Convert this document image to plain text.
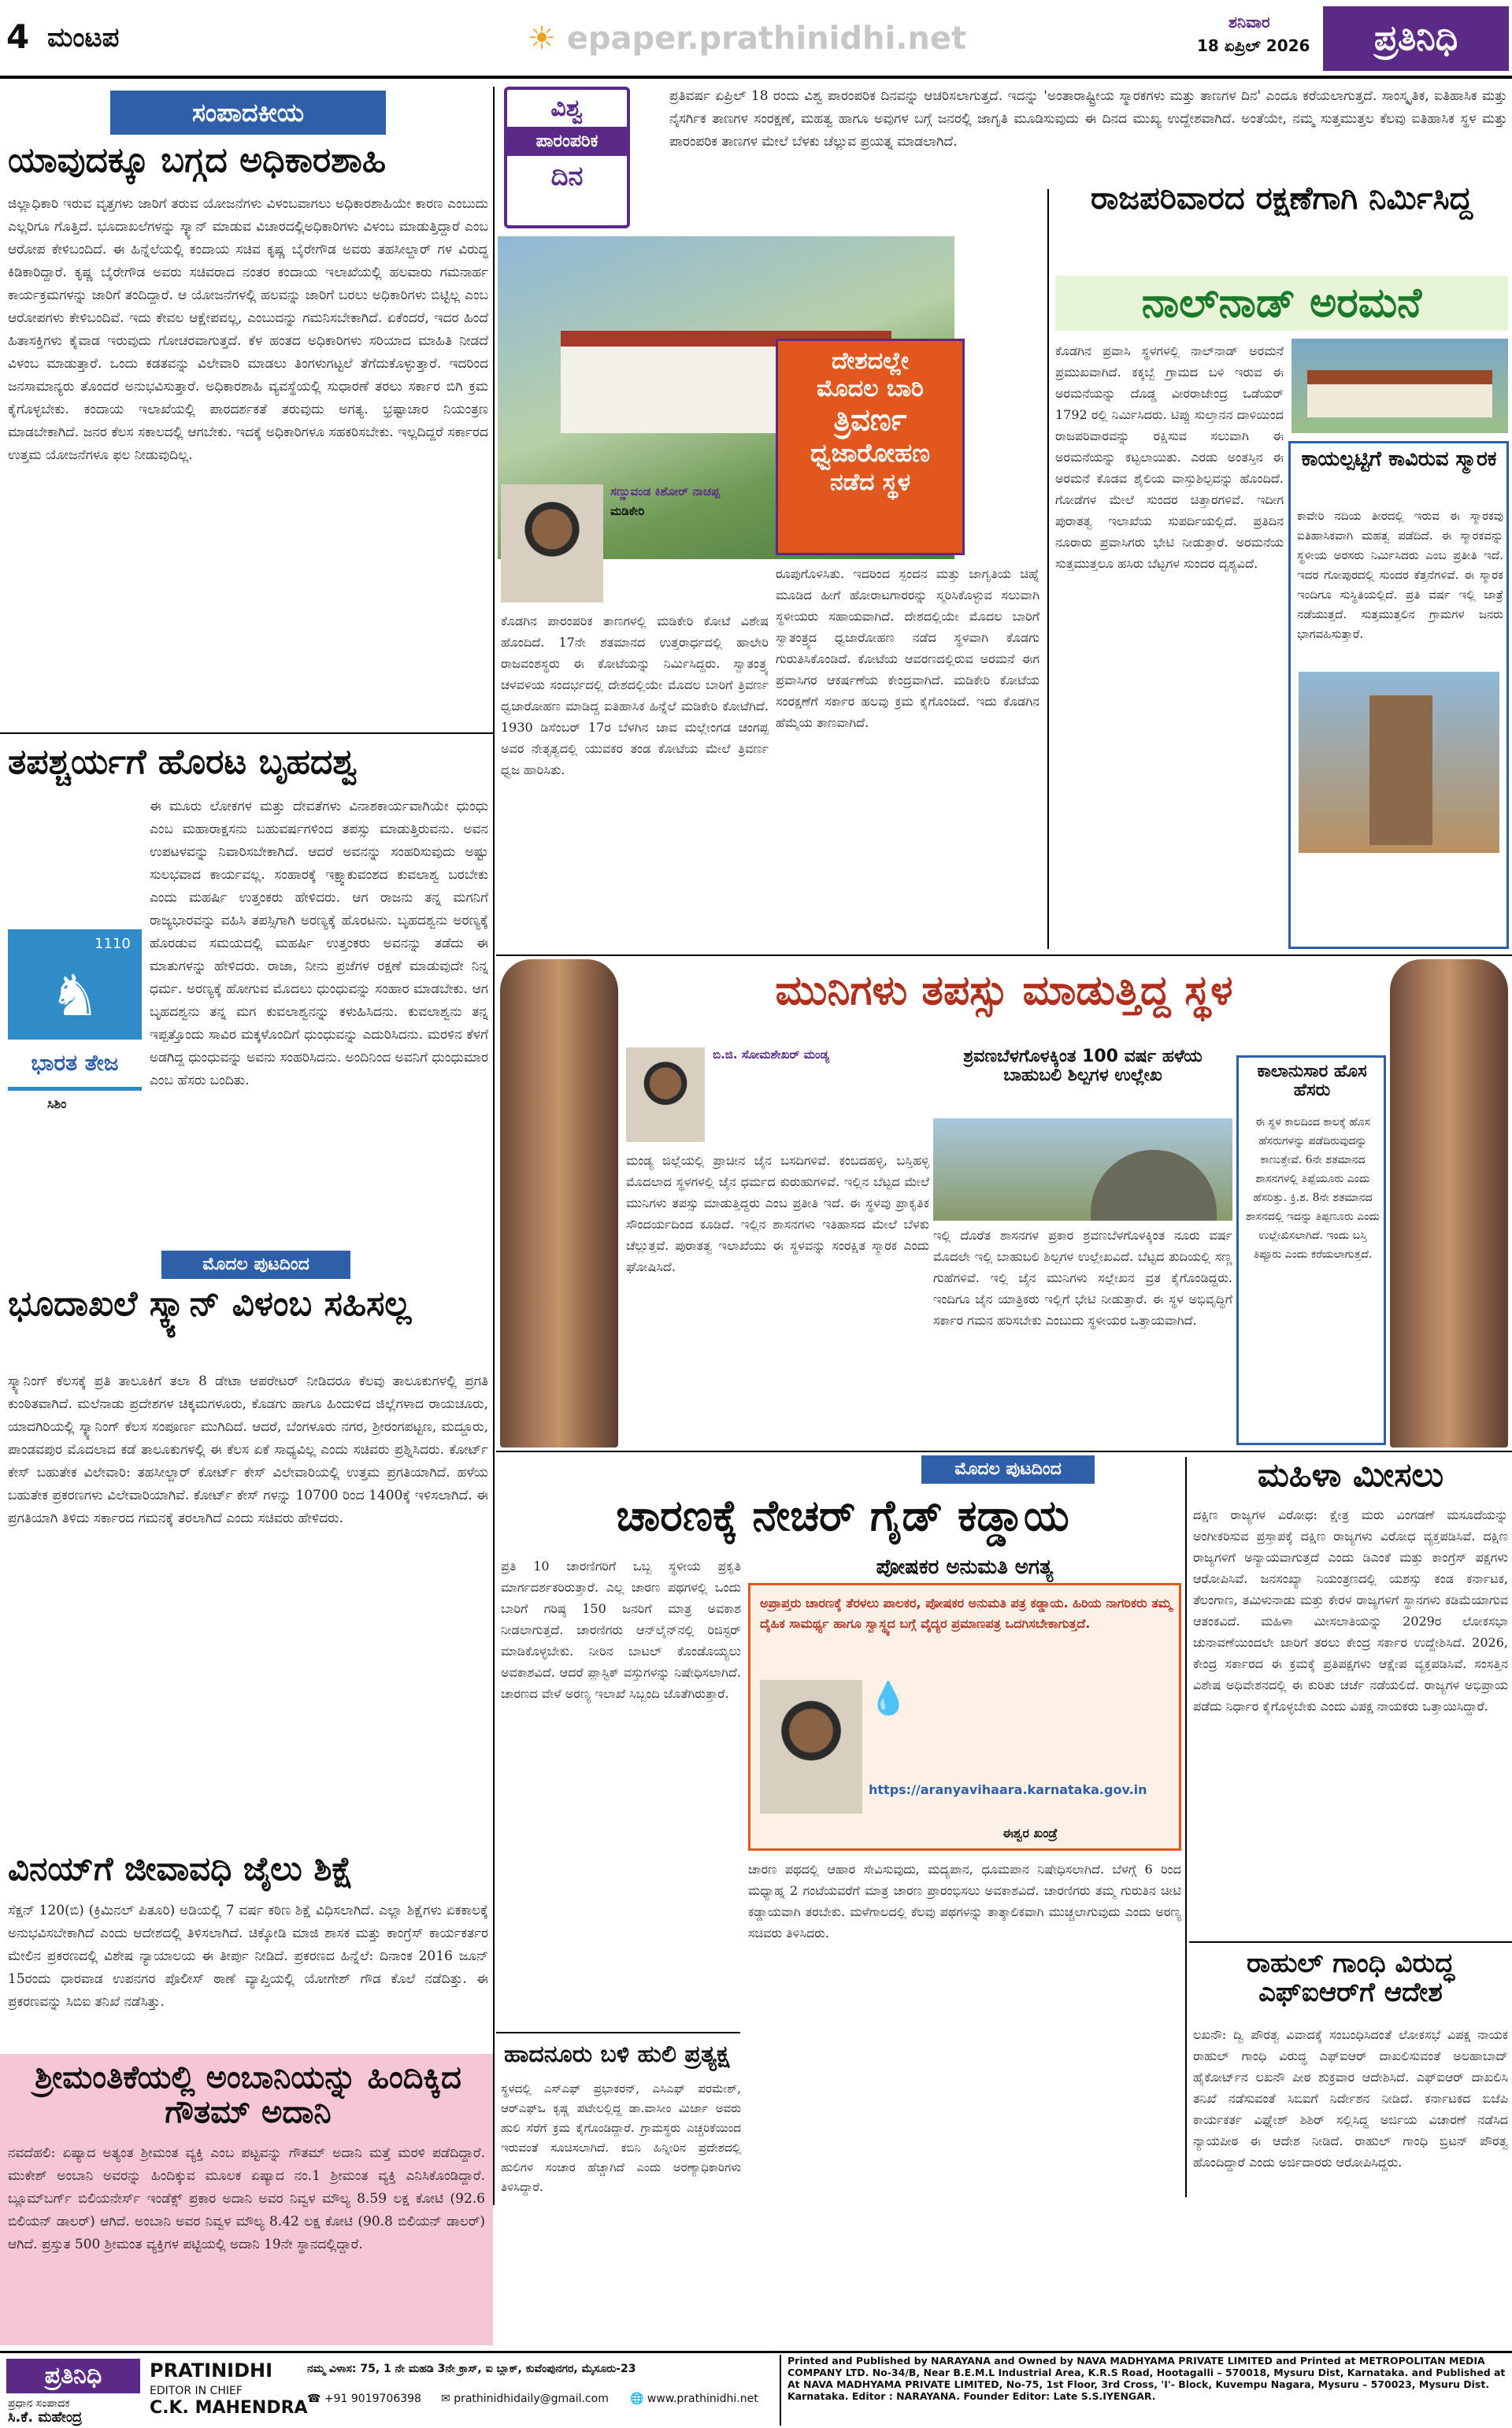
4 ಮಂಟಪ	☀ epaper.prathinidhi.net	ಶನಿವಾರ
18 ಏಪ್ರಿಲ್ 2026	ಪ್ರತಿನಿಧಿ
ಸಂಪಾದಕೀಯ
ಯಾವುದಕ್ಕೂ ಬಗ್ಗದ ಅಧಿಕಾರಶಾಹಿ
ಜಿಲ್ಲಾಧಿಕಾರಿ ಇರುವ ವೃತ್ತಗಳು ಜಾರಿಗೆ ತರುವ ಯೋಜನೆಗಳು ವಿಳಂಬವಾಗಲು ಅಧಿಕಾರಶಾಹಿಯೇ ಕಾರಣ ಎಂಬುದು ಎಲ್ಲರಿಗೂ ಗೊತ್ತಿದೆ. ಭೂದಾಖಲೆಗಳನ್ನು ಸ್ಕ್ಯಾನ್ ಮಾಡುವ ವಿಚಾರದಲ್ಲಿಅಧಿಕಾರಿಗಳು ವಿಳಂಬ ಮಾಡುತ್ತಿದ್ದಾರೆ ಎಂಬ ಆರೋಪ ಕೇಳಿಬಂದಿದೆ. ಈ ಹಿನ್ನೆಲೆಯಲ್ಲಿ ಕಂದಾಯ ಸಚಿವ ಕೃಷ್ಣ ಬೈರೇಗೌಡ ಅವರು ತಹಸೀಲ್ದಾರ್ ಗಳ ವಿರುದ್ಧ ಕಿಡಿಕಾರಿದ್ದಾರೆ. ಕೃಷ್ಣ ಬೈರೇಗೌಡ ಅವರು ಸಚಿವರಾದ ನಂತರ ಕಂದಾಯ ಇಲಾಖೆಯಲ್ಲಿ ಹಲವಾರು ಗಮನಾರ್ಹ ಕಾರ್ಯಕ್ರಮಗಳನ್ನು ಜಾರಿಗೆ ತಂದಿದ್ದಾರೆ. ಆ ಯೋಜನೆಗಳಲ್ಲಿ ಹಲವನ್ನು ಜಾರಿಗೆ ಬರಲು ಅಧಿಕಾರಿಗಳು ಬಿಟ್ಟಿಲ್ಲ ಎಂಬ ಆರೋಪಗಳು ಕೇಳಿಬಂದಿವೆ. ಇದು ಕೇವಲ ಆಕ್ಷೇಪವಲ್ಲ, ಎಂಬುದನ್ನು ಗಮನಿಸಬೇಕಾಗಿದೆ. ಏಕೆಂದರೆ, ಇದರ ಹಿಂದೆ ಹಿತಾಸಕ್ತಿಗಳು ಕೈವಾಡ ಇರುವುದು ಗೋಚರವಾಗುತ್ತದೆ. ಕೆಳ ಹಂತದ ಅಧಿಕಾರಿಗಳು ಸರಿಯಾದ ಮಾಹಿತಿ ನೀಡದೆ ವಿಳಂಬ ಮಾಡುತ್ತಾರೆ. ಒಂದು ಕಡತವನ್ನು ವಿಲೇವಾರಿ ಮಾಡಲು ತಿಂಗಳುಗಟ್ಟಲೆ ತೆಗೆದುಕೊಳ್ಳುತ್ತಾರೆ. ಇದರಿಂದ ಜನಸಾಮಾನ್ಯರು ತೊಂದರೆ ಅನುಭವಿಸುತ್ತಾರೆ. ಅಧಿಕಾರಶಾಹಿ ವ್ಯವಸ್ಥೆಯಲ್ಲಿ ಸುಧಾರಣೆ ತರಲು ಸರ್ಕಾರ ಬಿಗಿ ಕ್ರಮ ಕೈಗೊಳ್ಳಬೇಕು. ಕಂದಾಯ ಇಲಾಖೆಯಲ್ಲಿ ಪಾರದರ್ಶಕತೆ ತರುವುದು ಅಗತ್ಯ. ಭ್ರಷ್ಟಾಚಾರ ನಿಯಂತ್ರಣ ಮಾಡಬೇಕಾಗಿದೆ. ಜನರ ಕೆಲಸ ಸಕಾಲದಲ್ಲಿ ಆಗಬೇಕು. ಇದಕ್ಕೆ ಅಧಿಕಾರಿಗಳೂ ಸಹಕರಿಸಬೇಕು. ಇಲ್ಲದಿದ್ದರೆ ಸರ್ಕಾರದ ಉತ್ತಮ ಯೋಜನೆಗಳೂ ಫಲ ನೀಡುವುದಿಲ್ಲ.
ತಪಶ್ಚರ್ಯಗೆ ಹೊರಟ ಬೃಹದಶ್ವ
1110
♞
ಭಾರತ ತೇಜ
ಸಿಶಿಂ
ಈ ಮೂರು ಲೋಕಗಳ ಮತ್ತು ದೇವತೆಗಳು ವಿನಾಶಕಾರ್ಯವಾಗಿಯೇ ಧುಂಧು ಎಂಬ ಮಹಾರಾಕ್ಷಸನು ಬಹುವರ್ಷಗಳಿಂದ ತಪಸ್ಸು ಮಾಡುತ್ತಿರುವನು. ಅವನ ಉಪಟಳವನ್ನು ನಿವಾರಿಸಬೇಕಾಗಿದೆ. ಆದರೆ ಅವನನ್ನು ಸಂಹರಿಸುವುದು ಅಷ್ಟು ಸುಲಭವಾದ ಕಾರ್ಯವಲ್ಲ. ಸಂಹಾರಕ್ಕೆ ಇಕ್ಷ್ವಾಕುವಂಶದ ಕುವಲಾಶ್ವ ಬರಬೇಕು ಎಂದು ಮಹರ್ಷಿ ಉತ್ತಂಕರು ಹೇಳಿದರು. ಆಗ ರಾಜನು ತನ್ನ ಮಗನಿಗೆ ರಾಜ್ಯಭಾರವನ್ನು ವಹಿಸಿ ತಪಸ್ಸಿಗಾಗಿ ಅರಣ್ಯಕ್ಕೆ ಹೊರಟನು. ಬೃಹದಶ್ವನು ಅರಣ್ಯಕ್ಕೆ ಹೊರಡುವ ಸಮಯದಲ್ಲಿ ಮಹರ್ಷಿ ಉತ್ತಂಕರು ಅವನನ್ನು ತಡೆದು ಈ ಮಾತುಗಳನ್ನು ಹೇಳಿದರು. ರಾಜಾ, ನೀನು ಪ್ರಜೆಗಳ ರಕ್ಷಣೆ ಮಾಡುವುದೇ ನಿನ್ನ ಧರ್ಮ. ಅರಣ್ಯಕ್ಕೆ ಹೋಗುವ ಮೊದಲು ಧುಂಧುವನ್ನು ಸಂಹಾರ ಮಾಡಬೇಕು. ಆಗ ಬೃಹದಶ್ವನು ತನ್ನ ಮಗ ಕುವಲಾಶ್ವನನ್ನು ಕಳುಹಿಸಿದನು. ಕುವಲಾಶ್ವನು ತನ್ನ ಇಪ್ಪತ್ತೊಂದು ಸಾವಿರ ಮಕ್ಕಳೊಂದಿಗೆ ಧುಂಧುವನ್ನು ಎದುರಿಸಿದನು. ಮರಳಿನ ಕೆಳಗೆ ಅಡಗಿದ್ದ ಧುಂಧುವನ್ನು ಅವನು ಸಂಹರಿಸಿದನು. ಅಂದಿನಿಂದ ಅವನಿಗೆ ಧುಂಧುಮಾರ ಎಂಬ ಹೆಸರು ಬಂದಿತು.
ಮೊದಲ ಪುಟದಿಂದ
ಭೂದಾಖಲೆ ಸ್ಕ್ಯಾನ್ ವಿಳಂಬ ಸಹಿಸಲ್ಲ
ಸ್ಕ್ಯಾನಿಂಗ್ ಕೆಲಸಕ್ಕೆ ಪ್ರತಿ ತಾಲೂಕಿಗೆ ತಲಾ 8 ಡೇಟಾ ಆಪರೇಟರ್ ನೀಡಿದರೂ ಕೆಲವು ತಾಲೂಕುಗಳಲ್ಲಿ ಪ್ರಗತಿ ಕುಂಠಿತವಾಗಿದೆ. ಮಲೆನಾಡು ಪ್ರದೇಶಗಳ ಚಿಕ್ಕಮಗಳೂರು, ಕೊಡಗು ಹಾಗೂ ಹಿಂದುಳಿದ ಜಿಲ್ಲೆಗಳಾದ ರಾಯಚೂರು, ಯಾದಗಿರಿಯಲ್ಲಿ ಸ್ಕ್ಯಾನಿಂಗ್ ಕೆಲಸ ಸಂಪೂರ್ಣ ಮುಗಿದಿದೆ. ಆದರೆ, ಬೆಂಗಳೂರು ನಗರ, ಶ್ರೀರಂಗಪಟ್ಟಣ, ಮದ್ದೂರು, ಪಾಂಡವಪುರ ಮೊದಲಾದ ಕಡೆ ತಾಲೂಕುಗಳಲ್ಲಿ ಈ ಕೆಲಸ ಏಕೆ ಸಾಧ್ಯವಿಲ್ಲ ಎಂದು ಸಚಿವರು ಪ್ರಶ್ನಿಸಿದರು. ಕೋರ್ಟ್ ಕೇಸ್ ಬಹುತೇಕ ವಿಲೇವಾರಿ: ತಹಸೀಲ್ದಾರ್ ಕೋರ್ಟ್ ಕೇಸ್ ವಿಲೇವಾರಿಯಲ್ಲಿ ಉತ್ತಮ ಪ್ರಗತಿಯಾಗಿದೆ. ಹಳೆಯ ಬಹುತೇಕ ಪ್ರಕರಣಗಳು ವಿಲೇವಾರಿಯಾಗಿವೆ. ಕೋರ್ಟ್ ಕೇಸ್ ಗಳನ್ನು 10700 ರಿಂದ 1400ಕ್ಕೆ ಇಳಿಸಲಾಗಿದೆ. ಈ ಪ್ರಗತಿಯಾಗಿ ತಿಳಿದು ಸರ್ಕಾರದ ಗಮನಕ್ಕೆ ತರಲಾಗಿದೆ ಎಂದು ಸಚಿವರು ಹೇಳಿದರು.
ವಿನಯ್‌ಗೆ ಜೀವಾವಧಿ ಜೈಲು ಶಿಕ್ಷೆ
ಸೆಕ್ಷನ್ 120(ಬಿ) (ಕ್ರಿಮಿನಲ್ ಪಿತೂರಿ) ಅಡಿಯಲ್ಲಿ 7 ವರ್ಷ ಕಠಿಣ ಶಿಕ್ಷೆ ವಿಧಿಸಲಾಗಿದೆ. ಎಲ್ಲಾ ಶಿಕ್ಷೆಗಳು ಏಕಕಾಲಕ್ಕೆ ಅನುಭವಿಸಬೇಕಾಗಿದೆ ಎಂದು ಆದೇಶದಲ್ಲಿ ತಿಳಿಸಲಾಗಿದೆ. ಚಿಕ್ಕೋಡಿ ಮಾಜಿ ಶಾಸಕ ಮತ್ತು ಕಾಂಗ್ರೆಸ್ ಕಾರ್ಯಕರ್ತರ ಮೇಲಿನ ಪ್ರಕರಣದಲ್ಲಿ ವಿಶೇಷ ನ್ಯಾಯಾಲಯ ಈ ತೀರ್ಪು ನೀಡಿದೆ. ಪ್ರಕರಣದ ಹಿನ್ನೆಲೆ: ದಿನಾಂಕ 2016 ಜೂನ್ 15ರಂದು ಧಾರವಾಡ ಉಪನಗರ ಪೊಲೀಸ್ ಠಾಣೆ ವ್ಯಾಪ್ತಿಯಲ್ಲಿ ಯೋಗೇಶ್ ಗೌಡ ಕೊಲೆ ನಡೆದಿತ್ತು. ಈ ಪ್ರಕರಣವನ್ನು ಸಿಬಿಐ ತನಿಖೆ ನಡೆಸಿತ್ತು.
ಶ್ರೀಮಂತಿಕೆಯಲ್ಲಿ ಅಂಬಾನಿಯನ್ನು ಹಿಂದಿಕ್ಕಿದ ಗೌತಮ್ ಅದಾನಿ
ನವದೆಹಲಿ: ಏಷ್ಯಾದ ಅತ್ಯಂತ ಶ್ರೀಮಂತ ವ್ಯಕ್ತಿ ಎಂಬ ಪಟ್ಟವನ್ನು ಗೌತಮ್ ಅದಾನಿ ಮತ್ತೆ ಮರಳಿ ಪಡೆದಿದ್ದಾರೆ. ಮುಕೇಶ್ ಅಂಬಾನಿ ಅವರನ್ನು ಹಿಂದಿಕ್ಕುವ ಮೂಲಕ ಏಷ್ಯಾದ ನಂ.1 ಶ್ರೀಮಂತ ವ್ಯಕ್ತಿ ಎನಿಸಿಕೊಂಡಿದ್ದಾರೆ. ಬ್ಲೂಮ್‌ಬರ್ಗ್ ಬಿಲಿಯನೇರ್ಸ್ ಇಂಡೆಕ್ಸ್ ಪ್ರಕಾರ ಅದಾನಿ ಅವರ ನಿವ್ವಳ ಮೌಲ್ಯ 8.59 ಲಕ್ಷ ಕೋಟಿ (92.6 ಬಿಲಿಯನ್ ಡಾಲರ್) ಆಗಿದೆ. ಅಂಬಾನಿ ಅವರ ನಿವ್ವಳ ಮೌಲ್ಯ 8.42 ಲಕ್ಷ ಕೋಟಿ (90.8 ಬಿಲಿಯನ್ ಡಾಲರ್) ಆಗಿದೆ. ಪ್ರಸ್ತುತ 500 ಶ್ರೀಮಂತ ವ್ಯಕ್ತಿಗಳ ಪಟ್ಟಿಯಲ್ಲಿ ಅದಾನಿ 19ನೇ ಸ್ಥಾನದಲ್ಲಿದ್ದಾರೆ.
ವಿಶ್ವ
ಪಾರಂಪರಿಕ
ದಿನ
ಪ್ರತಿವರ್ಷ ಏಪ್ರಿಲ್ 18 ರಂದು ವಿಶ್ವ ಪಾರಂಪರಿಕ ದಿನವನ್ನು ಆಚರಿಸಲಾಗುತ್ತದೆ. ಇದನ್ನು 'ಅಂತಾರಾಷ್ಟ್ರೀಯ ಸ್ಮಾರಕಗಳು ಮತ್ತು ತಾಣಗಳ ದಿನ' ಎಂದೂ ಕರೆಯಲಾಗುತ್ತದೆ. ಸಾಂಸ್ಕೃತಿಕ, ಐತಿಹಾಸಿಕ ಮತ್ತು ನೈಸರ್ಗಿಕ ತಾಣಗಳ ಸಂರಕ್ಷಣೆ, ಮಹತ್ವ ಹಾಗೂ ಅವುಗಳ ಬಗ್ಗೆ ಜನರಲ್ಲಿ ಜಾಗೃತಿ ಮೂಡಿಸುವುದು ಈ ದಿನದ ಮುಖ್ಯ ಉದ್ದೇಶವಾಗಿದೆ. ಅಂತೆಯೇ, ನಮ್ಮ ಸುತ್ತಮುತ್ತಲ ಕೆಲವು ಐತಿಹಾಸಿಕ ಸ್ಥಳ ಮತ್ತು ಪಾರಂಪರಿಕ ತಾಣಗಳ ಮೇಲೆ ಬೆಳಕು ಚೆಲ್ಲುವ ಪ್ರಯತ್ನ ಮಾಡಲಾಗಿದೆ.
ದೇಶದಲ್ಲೇ
ಮೊದಲ ಬಾರಿ
ತ್ರಿವರ್ಣ
ಧ್ವಜಾರೋಹಣ
ನಡೆದ ಸ್ಥಳ
ಸಣ್ಣುವಂಡ ಕಿಶೋರ್ ನಾಚಪ್ಪ
ಮಡಿಕೇರಿ
ಕೊಡಗಿನ ಪಾರಂಪರಿಕ ತಾಣಗಳಲ್ಲಿ ಮಡಿಕೇರಿ ಕೋಟೆ ವಿಶೇಷ ಹೊಂದಿದೆ. 17ನೇ ಶತಮಾನದ ಉತ್ತರಾರ್ಧದಲ್ಲಿ ಹಾಲೇರಿ ರಾಜವಂಶಸ್ಥರು ಈ ಕೋಟೆಯನ್ನು ನಿರ್ಮಿಸಿದ್ದರು. ಸ್ವಾತಂತ್ರ್ಯ ಚಳವಳಿಯ ಸಂದರ್ಭದಲ್ಲಿ ದೇಶದಲ್ಲಿಯೇ ಮೊದಲ ಬಾರಿಗೆ ತ್ರಿವರ್ಣ ಧ್ವಜಾರೋಹಣ ಮಾಡಿದ್ದ ಐತಿಹಾಸಿಕ ಹಿನ್ನೆಲೆ ಮಡಿಕೇರಿ ಕೋಟೆಗಿದೆ. 1930 ಡಿಸೆಂಬರ್ 17ರ ಬೆಳಗಿನ ಜಾವ ಮಲ್ಲೇಂಗಡ ಚಂಗಪ್ಪ ಅವರ ನೇತೃತ್ವದಲ್ಲಿ ಯುವಕರ ತಂಡ ಕೋಟೆಯ ಮೇಲೆ ತ್ರಿವರ್ಣ ಧ್ವಜ ಹಾರಿಸಿತು.
ರೂಪುಗೊಳಿಸಿತು. ಇದರಿಂದ ಸ್ಪಂದನ ಮತ್ತು ಜಾಗೃತಿಯ ಚಿಹ್ನೆ ಮೂಡಿದ ಹೀಗೆ ಹೋರಾಟಗಾರರನ್ನು ಸ್ಮರಿಸಿಕೊಳ್ಳುವ ಸಲುವಾಗಿ ಸ್ಥಳೀಯರು ಸಹಾಯವಾಗಿದೆ. ದೇಶದಲ್ಲಿಯೇ ಮೊದಲ ಬಾರಿಗೆ ಸ್ವಾತಂತ್ರ್ಯದ ಧ್ವಜಾರೋಹಣ ನಡೆದ ಸ್ಥಳವಾಗಿ ಕೊಡಗು ಗುರುತಿಸಿಕೊಂಡಿದೆ. ಕೋಟೆಯ ಆವರಣದಲ್ಲಿರುವ ಅರಮನೆ ಈಗ ಪ್ರವಾಸಿಗರ ಆಕರ್ಷಣೆಯ ಕೇಂದ್ರವಾಗಿದೆ. ಮಡಿಕೇರಿ ಕೋಟೆಯ ಸಂರಕ್ಷಣೆಗೆ ಸರ್ಕಾರ ಹಲವು ಕ್ರಮ ಕೈಗೊಂಡಿದೆ. ಇದು ಕೊಡಗಿನ ಹೆಮ್ಮೆಯ ತಾಣವಾಗಿದೆ.
ರಾಜಪರಿವಾರದ ರಕ್ಷಣೆಗಾಗಿ ನಿರ್ಮಿಸಿದ್ದ
ನಾಲ್‌ನಾಡ್ ಅರಮನೆ
ಕೊಡಗಿನ ಪ್ರವಾಸಿ ಸ್ಥಳಗಳಲ್ಲಿ ನಾಲ್‌ನಾಡ್ ಅರಮನೆ ಪ್ರಮುಖವಾಗಿದೆ. ಕಕ್ಕಬ್ಬೆ ಗ್ರಾಮದ ಬಳಿ ಇರುವ ಈ ಅರಮನೆಯನ್ನು ದೊಡ್ಡ ವೀರರಾಜೇಂದ್ರ ಒಡೆಯರ್ 1792 ರಲ್ಲಿ ನಿರ್ಮಿಸಿದರು. ಟಿಪ್ಪು ಸುಲ್ತಾನನ ದಾಳಿಯಿಂದ ರಾಜಪರಿವಾರವನ್ನು ರಕ್ಷಿಸುವ ಸಲುವಾಗಿ ಈ ಅರಮನೆಯನ್ನು ಕಟ್ಟಲಾಯಿತು. ಎರಡು ಅಂತಸ್ತಿನ ಈ ಅರಮನೆ ಕೊಡವ ಶೈಲಿಯ ವಾಸ್ತುಶಿಲ್ಪವನ್ನು ಹೊಂದಿದೆ. ಗೋಡೆಗಳ ಮೇಲೆ ಸುಂದರ ಚಿತ್ತಾರಗಳಿವೆ. ಇದೀಗ ಪುರಾತತ್ವ ಇಲಾಖೆಯ ಸುಪರ್ದಿಯಲ್ಲಿದೆ. ಪ್ರತಿದಿನ ನೂರಾರು ಪ್ರವಾಸಿಗರು ಭೇಟಿ ನೀಡುತ್ತಾರೆ. ಅರಮನೆಯ ಸುತ್ತಮುತ್ತಲೂ ಹಸಿರು ಬೆಟ್ಟಗಳ ಸುಂದರ ದೃಶ್ಯವಿದೆ.
ಕಾಯಲ್ಪಟ್ಟಿಗೆ ಕಾವಿರುವ ಸ್ಮಾರಕ
ಕಾವೇರಿ ನದಿಯ ತೀರದಲ್ಲಿ ಇರುವ ಈ ಸ್ಮಾರಕವು ಐತಿಹಾಸಿಕವಾಗಿ ಮಹತ್ವ ಪಡೆದಿದೆ. ಈ ಸ್ಮಾರಕವನ್ನು ಸ್ಥಳೀಯ ಅರಸರು ನಿರ್ಮಿಸಿದರು ಎಂಬ ಪ್ರತೀತಿ ಇದೆ. ಇದರ ಗೋಪುರದಲ್ಲಿ ಸುಂದರ ಕೆತ್ತನೆಗಳಿವೆ. ಈ ಸ್ಮಾರಕ ಇಂದಿಗೂ ಸುಸ್ಥಿತಿಯಲ್ಲಿದೆ. ಪ್ರತಿ ವರ್ಷ ಇಲ್ಲಿ ಜಾತ್ರೆ ನಡೆಯುತ್ತದೆ. ಸುತ್ತಮುತ್ತಲಿನ ಗ್ರಾಮಗಳ ಜನರು ಭಾಗವಹಿಸುತ್ತಾರೆ.
ಮುನಿಗಳು ತಪಸ್ಸು ಮಾಡುತ್ತಿದ್ದ ಸ್ಥಳ
ಬಿ.ಜಿ. ಸೋಮಶೇಖರ್ ಮಂಡ್ಯ
ಮಂಡ್ಯ ಜಿಲ್ಲೆಯಲ್ಲಿ ಪ್ರಾಚೀನ ಜೈನ ಬಸದಿಗಳಿವೆ. ಕಂಬದಹಳ್ಳಿ, ಬಸ್ತಿಹಳ್ಳಿ ಮೊದಲಾದ ಸ್ಥಳಗಳಲ್ಲಿ ಜೈನ ಧರ್ಮದ ಕುರುಹುಗಳಿವೆ. ಇಲ್ಲಿನ ಬೆಟ್ಟದ ಮೇಲೆ ಮುನಿಗಳು ತಪಸ್ಸು ಮಾಡುತ್ತಿದ್ದರು ಎಂಬ ಪ್ರತೀತಿ ಇದೆ. ಈ ಸ್ಥಳವು ಪ್ರಾಕೃತಿಕ ಸೌಂದರ್ಯದಿಂದ ಕೂಡಿದೆ. ಇಲ್ಲಿನ ಶಾಸನಗಳು ಇತಿಹಾಸದ ಮೇಲೆ ಬೆಳಕು ಚೆಲ್ಲುತ್ತವೆ. ಪುರಾತತ್ವ ಇಲಾಖೆಯು ಈ ಸ್ಥಳವನ್ನು ಸಂರಕ್ಷಿತ ಸ್ಮಾರಕ ಎಂದು ಘೋಷಿಸಿದೆ.
ಶ್ರವಣಬೆಳಗೊಳಕ್ಕಿಂತ 100 ವರ್ಷ ಹಳೆಯ ಬಾಹುಬಲಿ ಶಿಲ್ಪಗಳ ಉಲ್ಲೇಖ
ಇಲ್ಲಿ ದೊರೆತ ಶಾಸನಗಳ ಪ್ರಕಾರ ಶ್ರವಣಬೆಳಗೊಳಕ್ಕಿಂತ ನೂರು ವರ್ಷ ಮೊದಲೇ ಇಲ್ಲಿ ಬಾಹುಬಲಿ ಶಿಲ್ಪಗಳ ಉಲ್ಲೇಖವಿದೆ. ಬೆಟ್ಟದ ತುದಿಯಲ್ಲಿ ಸಣ್ಣ ಗುಹೆಗಳಿವೆ. ಇಲ್ಲಿ ಜೈನ ಮುನಿಗಳು ಸಲ್ಲೇಖನ ವ್ರತ ಕೈಗೊಂಡಿದ್ದರು. ಇಂದಿಗೂ ಜೈನ ಯಾತ್ರಿಕರು ಇಲ್ಲಿಗೆ ಭೇಟಿ ನೀಡುತ್ತಾರೆ. ಈ ಸ್ಥಳ ಅಭಿವೃದ್ಧಿಗೆ ಸರ್ಕಾರ ಗಮನ ಹರಿಸಬೇಕು ಎಂಬುದು ಸ್ಥಳೀಯರ ಒತ್ತಾಯವಾಗಿದೆ.
ಕಾಲಾನುಸಾರ ಹೊಸ ಹೆಸರು
ಈ ಸ್ಥಳ ಕಾಲದಿಂದ ಕಾಲಕ್ಕೆ ಹೊಸ ಹೆಸರುಗಳನ್ನು ಪಡೆದಿರುವುದನ್ನು ಕಾಣುತ್ತೇವೆ. 6ನೇ ಶತಮಾನದ ಶಾಸನಗಳಲ್ಲಿ ತಿಪ್ಪೆಯೂರು ಎಂದು ಹೆಸರಿತ್ತು. ಕ್ರಿ.ಶ. 8ನೇ ಶತಮಾನದ ಶಾಸನದಲ್ಲಿ ಇದನ್ನು ತಿಪ್ಪಣೂರು ಎಂದು ಉಲ್ಲೇಖಿಸಲಾಗಿದೆ. ಇಂದು ಬಸ್ತಿ ತಿಪ್ಪೂರು ಎಂದು ಕರೆಯಲಾಗುತ್ತದೆ.
ಮೊದಲ ಪುಟದಿಂದ
ಚಾರಣಕ್ಕೆ ನೇಚರ್ ಗೈಡ್ ಕಡ್ಡಾಯ
ಪ್ರತಿ 10 ಚಾರಣಿಗರಿಗೆ ಒಬ್ಬ ಸ್ಥಳೀಯ ಪ್ರಕೃತಿ ಮಾರ್ಗದರ್ಶಕರಿರುತ್ತಾರೆ. ಎಲ್ಲ ಚಾರಣ ಪಥಗಳಲ್ಲಿ ಒಂದು ಬಾರಿಗೆ ಗರಿಷ್ಠ 150 ಜನರಿಗೆ ಮಾತ್ರ ಅವಕಾಶ ನೀಡಲಾಗುತ್ತದೆ. ಚಾರಣಿಗರು ಆನ್‌ಲೈನ್‌ನಲ್ಲಿ ರಿಜಿಸ್ಟರ್ ಮಾಡಿಕೊಳ್ಳಬೇಕು. ನೀರಿನ ಬಾಟಲ್ ಕೊಂಡೊಯ್ಯಲು ಅವಕಾಶವಿದೆ. ಆದರೆ ಪ್ಲಾಸ್ಟಿಕ್ ವಸ್ತುಗಳನ್ನು ನಿಷೇಧಿಸಲಾಗಿದೆ. ಚಾರಣದ ವೇಳೆ ಅರಣ್ಯ ಇಲಾಖೆ ಸಿಬ್ಬಂದಿ ಜೊತೆಗಿರುತ್ತಾರೆ.
ಪೋಷಕರ ಅನುಮತಿ ಅಗತ್ಯ
ಅಪ್ರಾಪ್ತರು ಚಾರಣಕ್ಕೆ ತೆರಳಲು ಪಾಲಕರ, ಪೋಷಕರ ಅನುಮತಿ ಪತ್ರ ಕಡ್ಡಾಯ. ಹಿರಿಯ ನಾಗರಿಕರು ತಮ್ಮ ದೈಹಿಕ ಸಾಮರ್ಥ್ಯ ಹಾಗೂ ಸ್ವಾಸ್ಥ್ಯದ ಬಗ್ಗೆ ವೈದ್ಯರ ಪ್ರಮಾಣಪತ್ರ ಒದಗಿಸಬೇಕಾಗುತ್ತದೆ.
💧
https://aranyavihaara.karnataka.gov.in
ಈಶ್ವರ ಖಂಡ್ರೆ
ಚಾರಣ ಪಥದಲ್ಲಿ ಆಹಾರ ಸೇವಿಸುವುದು, ಮದ್ಯಪಾನ, ಧೂಮಪಾನ ನಿಷೇಧಿಸಲಾಗಿದೆ. ಬೆಳಗ್ಗೆ 6 ರಿಂದ ಮಧ್ಯಾಹ್ನ 2 ಗಂಟೆಯವರೆಗೆ ಮಾತ್ರ ಚಾರಣ ಪ್ರಾರಂಭಿಸಲು ಅವಕಾಶವಿದೆ. ಚಾರಣಿಗರು ತಮ್ಮ ಗುರುತಿನ ಚೀಟಿ ಕಡ್ಡಾಯವಾಗಿ ತರಬೇಕು. ಮಳೆಗಾಲದಲ್ಲಿ ಕೆಲವು ಪಥಗಳನ್ನು ತಾತ್ಕಾಲಿಕವಾಗಿ ಮುಚ್ಚಲಾಗುವುದು ಎಂದು ಅರಣ್ಯ ಸಚಿವರು ತಿಳಿಸಿದರು.
ಹಾದನೂರು ಬಳಿ ಹುಲಿ ಪ್ರತ್ಯಕ್ಷ
ಸ್ಥಳದಲ್ಲಿ ಎಸ್‌ಎಫ್ ಪ್ರಭಾಕರನ್, ಎಸಿಎಫ್ ಪರಮೇಶ್, ಆರ್‌ಎಫ್‌ಒ ಕೃಷ್ಣ ಪಟೇಲಲ್ಲಿದ್ದ ಡಾ.ವಾಸೀಂ ಮಿರ್ಜಾ ಅವರು ಹುಲಿ ಸೆರೆಗೆ ಕ್ರಮ ಕೈಗೊಂಡಿದ್ದಾರೆ. ಗ್ರಾಮಸ್ಥರು ಎಚ್ಚರಿಕೆಯಿಂದ ಇರುವಂತೆ ಸೂಚಿಸಲಾಗಿದೆ. ಕಬಿನಿ ಹಿನ್ನೀರಿನ ಪ್ರದೇಶದಲ್ಲಿ ಹುಲಿಗಳ ಸಂಚಾರ ಹೆಚ್ಚಾಗಿದೆ ಎಂದು ಅರಣ್ಯಾಧಿಕಾರಿಗಳು ತಿಳಿಸಿದ್ದಾರೆ.
ಮಹಿಳಾ ಮೀಸಲು
ದಕ್ಷಿಣ ರಾಜ್ಯಗಳ ವಿರೋಧ: ಕ್ಷೇತ್ರ ಮರು ವಿಂಗಡಣೆ ಮಸೂದೆಯನ್ನು ಅಂಗೀಕರಿಸುವ ಪ್ರಸ್ತಾಪಕ್ಕೆ ದಕ್ಷಿಣ ರಾಜ್ಯಗಳು ವಿರೋಧ ವ್ಯಕ್ತಪಡಿಸಿವೆ. ದಕ್ಷಿಣ ರಾಜ್ಯಗಳಿಗೆ ಅನ್ಯಾಯವಾಗುತ್ತದೆ ಎಂದು ಡಿಎಂಕೆ ಮತ್ತು ಕಾಂಗ್ರೆಸ್ ಪಕ್ಷಗಳು ಆರೋಪಿಸಿವೆ. ಜನಸಂಖ್ಯಾ ನಿಯಂತ್ರಣದಲ್ಲಿ ಯಶಸ್ಸು ಕಂಡ ಕರ್ನಾಟಕ, ತೆಲಂಗಾಣ, ತಮಿಳುನಾಡು ಮತ್ತು ಕೇರಳ ರಾಜ್ಯಗಳಿಗೆ ಸ್ಥಾನಗಳು ಕಡಿಮೆಯಾಗುವ ಆತಂಕವಿದೆ. ಮಹಿಳಾ ಮೀಸಲಾತಿಯನ್ನು 2029ರ ಲೋಕಸಭಾ ಚುನಾವಣೆಯಿಂದಲೇ ಜಾರಿಗೆ ತರಲು ಕೇಂದ್ರ ಸರ್ಕಾರ ಉದ್ದೇಶಿಸಿದೆ. 2026, ಕೇಂದ್ರ ಸರ್ಕಾರದ ಈ ಕ್ರಮಕ್ಕೆ ಪ್ರತಿಪಕ್ಷಗಳು ಆಕ್ಷೇಪ ವ್ಯಕ್ತಪಡಿಸಿವೆ. ಸಂಸತ್ತಿನ ವಿಶೇಷ ಅಧಿವೇಶನದಲ್ಲಿ ಈ ಕುರಿತು ಚರ್ಚೆ ನಡೆಯಲಿದೆ. ರಾಜ್ಯಗಳ ಅಭಿಪ್ರಾಯ ಪಡೆದು ನಿರ್ಧಾರ ಕೈಗೊಳ್ಳಬೇಕು ಎಂದು ವಿಪಕ್ಷ ನಾಯಕರು ಒತ್ತಾಯಿಸಿದ್ದಾರೆ.
ರಾಹುಲ್ ಗಾಂಧಿ ವಿರುದ್ಧ ಎಫ್‌ಐಆರ್‌ಗೆ ಆದೇಶ
ಲಖನೌ: ದ್ವಿ ಪೌರತ್ವ ವಿವಾದಕ್ಕೆ ಸಂಬಂಧಿಸಿದಂತೆ ಲೋಕಸಭೆ ವಿಪಕ್ಷ ನಾಯಕ ರಾಹುಲ್ ಗಾಂಧಿ ವಿರುದ್ಧ ಎಫ್‌ಐಆರ್ ದಾಖಲಿಸುವಂತೆ ಅಲಹಾಬಾದ್ ಹೈಕೋರ್ಟ್‌ನ ಲಖನೌ ಪೀಠ ಶುಕ್ರವಾರ ಆದೇಶಿಸಿದೆ. ಎಫ್‌ಐಆರ್ ದಾಖಲಿಸಿ ತನಿಖೆ ನಡೆಸುವಂತೆ ಸಿಬಿಐಗೆ ನಿರ್ದೇಶನ ನೀಡಿದೆ. ಕರ್ನಾಟಕದ ಬಿಜೆಪಿ ಕಾರ್ಯಕರ್ತ ವಿಘ್ನೇಶ್ ಶಿಶಿರ್ ಸಲ್ಲಿಸಿದ್ದ ಅರ್ಜಿಯ ವಿಚಾರಣೆ ನಡೆಸಿದ ನ್ಯಾಯಪೀಠ ಈ ಆದೇಶ ನೀಡಿದೆ. ರಾಹುಲ್ ಗಾಂಧಿ ಬ್ರಿಟನ್ ಪೌರತ್ವ ಹೊಂದಿದ್ದಾರೆ ಎಂದು ಅರ್ಜಿದಾರರು ಆರೋಪಿಸಿದ್ದರು.
ಪ್ರತಿನಿಧಿ	PRATINIDHI
ಪ್ರಧಾನ ಸಂಪಾದಕ
EDITOR IN CHIEF
ಸಿ.ಕೆ. ಮಹೇಂದ್ರ	C.K. MAHENDRA
ನಮ್ಮ ವಿಳಾಸ: 75, 1 ನೇ ಮಹಡಿ 3ನೇ ಕ್ರಾಸ್, ಐ ಬ್ಲಾಕ್, ಕುವೆಂಪುನಗರ, ಮೈಸೂರು-23
☎ +91 9019706398 ✉ prathinidhidaily@gmail.com 🌐 www.prathinidhi.net
Printed and Published by NARAYANA and Owned by NAVA MADHYAMA PRIVATE LIMITED and Printed at METROPOLITAN MEDIA COMPANY LTD. No-34/B, Near B.E.M.L Industrial Area, K.R.S Road, Hootagalli – 570018, Mysuru Dist, Karnataka. and Published at At NAVA MADHYAMA PRIVATE LIMITED, No-75, 1st Floor, 3rd Cross, 'I'- Block, Kuvempu Nagara, Mysuru – 570023, Mysuru Dist. Karnataka. Editor : NARAYANA. Founder Editor: Late S.S.IYENGAR.
